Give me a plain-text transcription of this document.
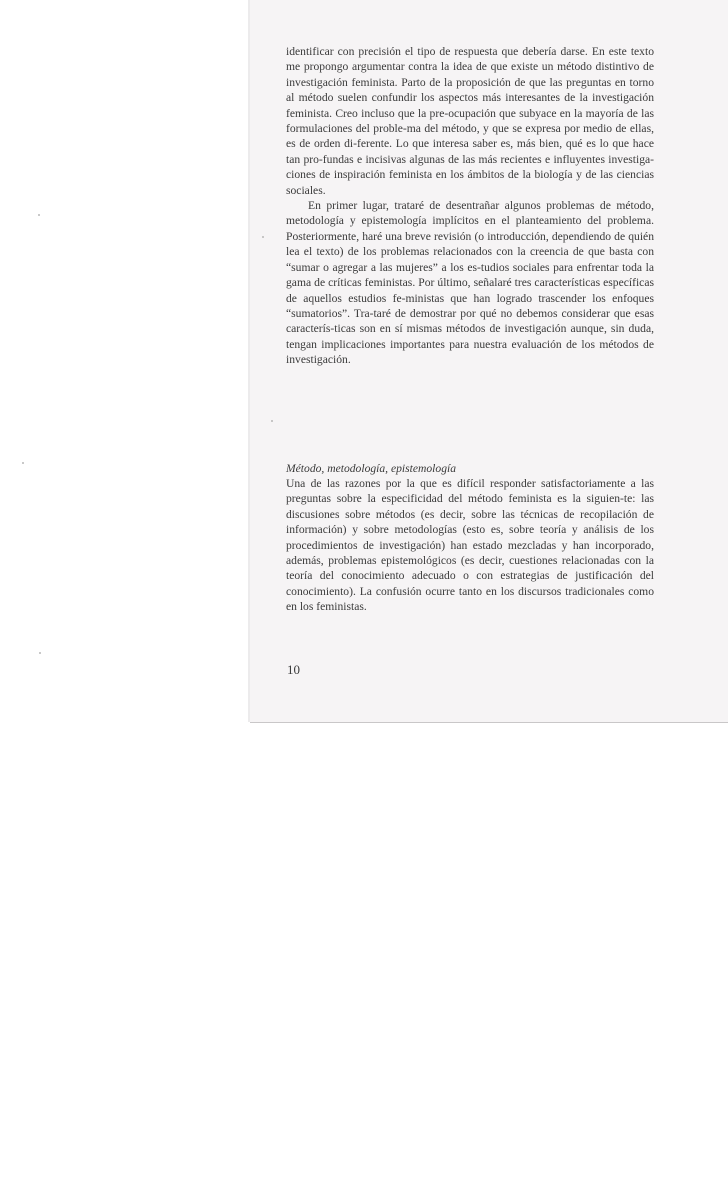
identificar con precisión el tipo de respuesta que debería darse. En este texto me propongo argumentar contra la idea de que existe un método distintivo de investigación feminista. Parto de la proposición de que las preguntas en torno al método suelen confundir los aspectos más interesantes de la investigación feminista. Creo incluso que la pre-ocupación que subyace en la mayoría de las formulaciones del proble-ma del método, y que se expresa por medio de ellas, es de orden di-ferente. Lo que interesa saber es, más bien, qué es lo que hace tan pro-fundas e incisivas algunas de las más recientes e influyentes investiga-ciones de inspiración feminista en los ámbitos de la biología y de las ciencias sociales.

En primer lugar, trataré de desentrañar algunos problemas de método, metodología y epistemología implícitos en el planteamiento del problema. Posteriormente, haré una breve revisión (o introducción, dependiendo de quién lea el texto) de los problemas relacionados con la creencia de que basta con “sumar o agregar a las mujeres” a los es-tudios sociales para enfrentar toda la gama de críticas feministas. Por último, señalaré tres características específicas de aquellos estudios fe-ministas que han logrado trascender los enfoques “sumatorios”. Tra-taré de demostrar por qué no debemos considerar que esas caracterís-ticas son en sí mismas métodos de investigación aunque, sin duda, tengan implicaciones importantes para nuestra evaluación de los métodos de investigación.

Método, metodología, epistemología

Una de las razones por la que es difícil responder satisfactoriamente a las preguntas sobre la especificidad del método feminista es la siguien-te: las discusiones sobre métodos (es decir, sobre las técnicas de recopilación de información) y sobre metodologías (esto es, sobre teoría y análisis de los procedimientos de investigación) han estado mezcladas y han incorporado, además, problemas epistemológicos (es decir, cuestiones relacionadas con la teoría del conocimiento adecuado o con estrategias de justificación del conocimiento). La confusión ocurre tanto en los discursos tradicionales como en los feministas.

10
